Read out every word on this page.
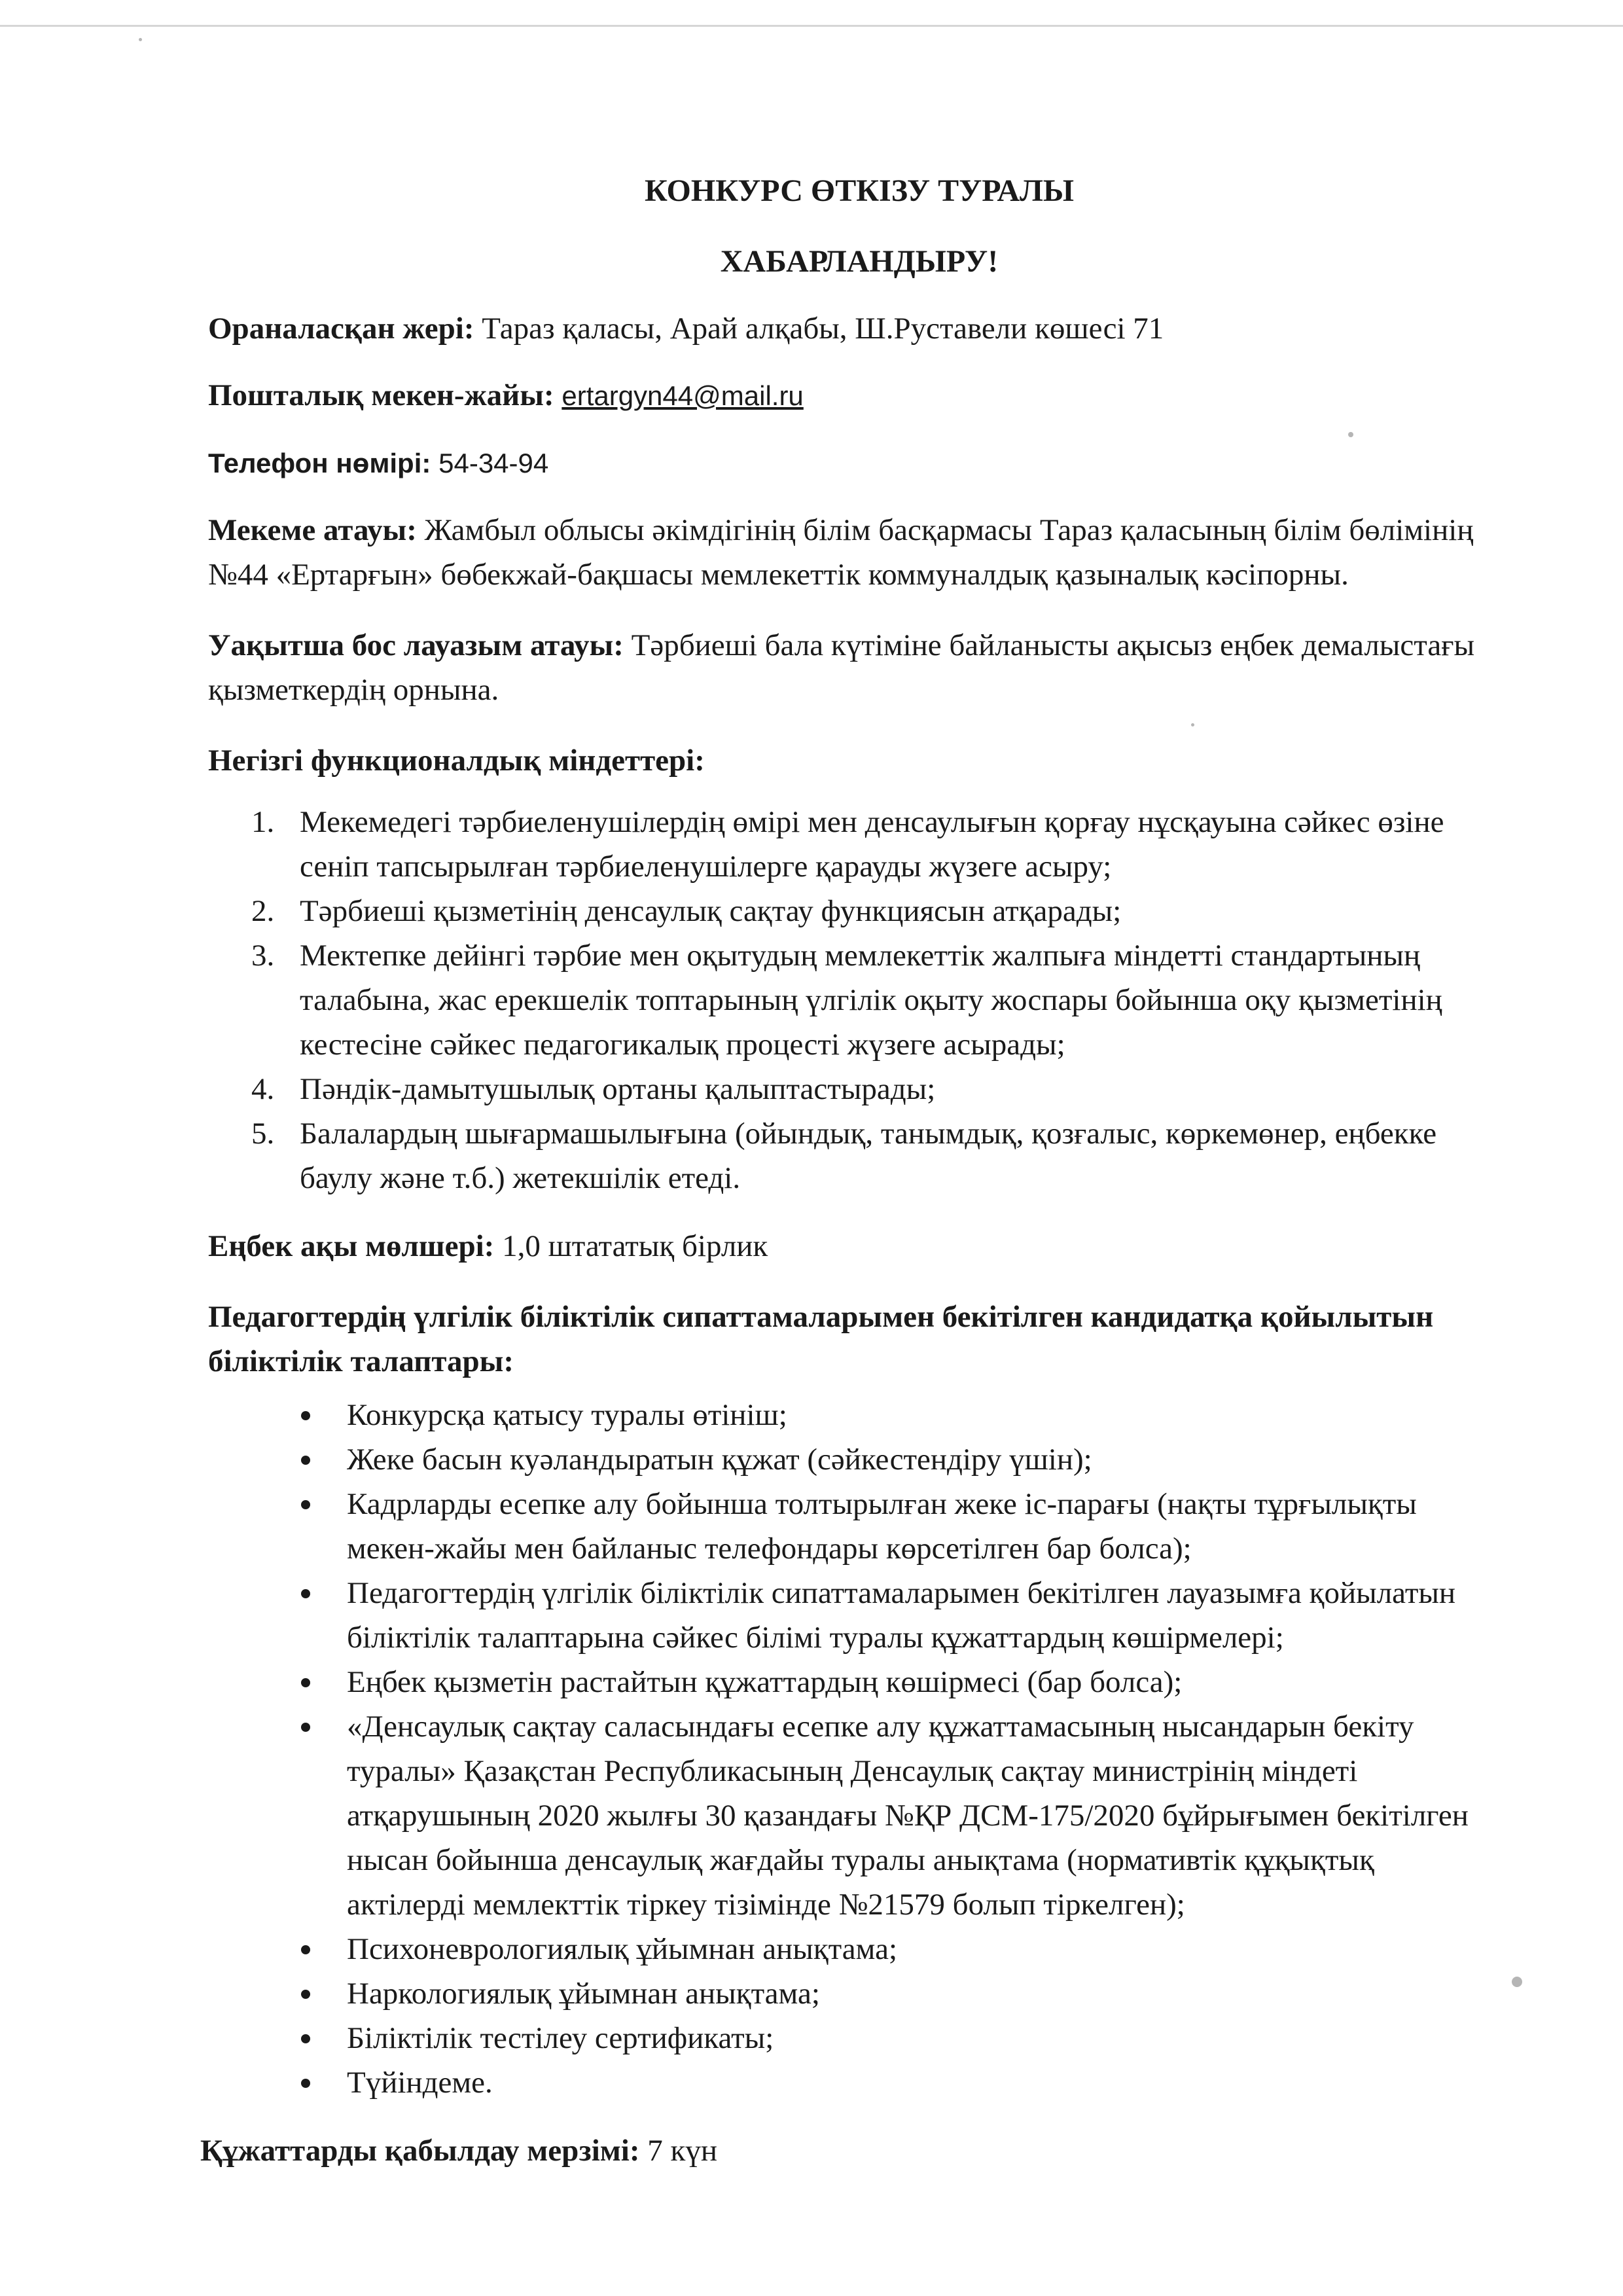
КОНКУРС ӨТКІЗУ ТУРАЛЫ

ХАБАРЛАНДЫРУ!

Ораналасқан жері: Тараз қаласы, Арай алқабы, Ш.Руставели көшесі 71

Пошталық мекен-жайы: ertargyn44@mail.ru

Телефон нөмірі: 54-34-94

Мекеме атауы: Жамбыл облысы әкімдігінің білім басқармасы Тараз қаласының білім бөлімінің №44 «Ертарғын» бөбекжай-бақшасы мемлекеттік коммуналдық қазыналық кәсіпорны.

Уақытша бос лауазым атауы: Тәрбиеші бала күтіміне байланысты ақысыз еңбек демалыстағы қызметкердің орнына.

Негізгі функционалдық міндеттері:

1. Мекемедегі тәрбиеленушілердің өмірі мен денсаулығын қорғау нұсқауына сәйкес өзіне сеніп тапсырылған тәрбиеленушілерге қарауды жүзеге асыру;
2. Тәрбиеші қызметінің денсаулық сақтау функциясын атқарады;
3. Мектепке дейінгі тәрбие мен оқытудың мемлекеттік жалпыға міндетті стандартының талабына, жас ерекшелік топтарының үлгілік оқыту жоспары бойынша оқу қызметінің кестесіне сәйкес педагогикалық процесті жүзеге асырады;
4. Пәндік-дамытушылық ортаны қалыптастырады;
5. Балалардың шығармашылығына (ойындық, танымдық, қозғалыс, көркемөнер, еңбекке баулу және т.б.) жетекшілік етеді.

Еңбек ақы мөлшері: 1,0 штататық бірлик

Педагогтердің үлгілік біліктілік сипаттамаларымен бекітілген кандидатқа қойылытын біліктілік талаптары:

Конкурсқа қатысу туралы өтініш;
Жеке басын куәландыратын құжат (сәйкестендіру үшін);
Кадрларды есепке алу бойынша толтырылған жеке іс-парағы (нақты тұрғылықты мекен-жайы мен байланыс телефондары көрсетілген бар болса);
Педагогтердің үлгілік біліктілік сипаттамаларымен бекітілген лауазымға қойылатын біліктілік талаптарына сәйкес білімі туралы құжаттардың көшірмелері;
Еңбек қызметін растайтын құжаттардың көшірмесі (бар болса);
«Денсаулық сақтау саласындағы есепке алу құжаттамасының нысандарын бекіту туралы» Қазақстан Республикасының Денсаулық сақтау министрінің міндеті атқарушының 2020 жылғы 30 қазандағы №ҚР ДСМ-175/2020 бұйрығымен бекітілген нысан бойынша денсаулық жағдайы туралы анықтама (нормативтік құқықтық актілерді мемлекттік тіркеу тізімінде №21579 болып тіркелген);
Психоневрологиялық ұйымнан анықтама;
Наркологиялық ұйымнан анықтама;
Біліктілік тестілеу сертификаты;
Түйіндеме.

Құжаттарды қабылдау мерзімі: 7 күн
